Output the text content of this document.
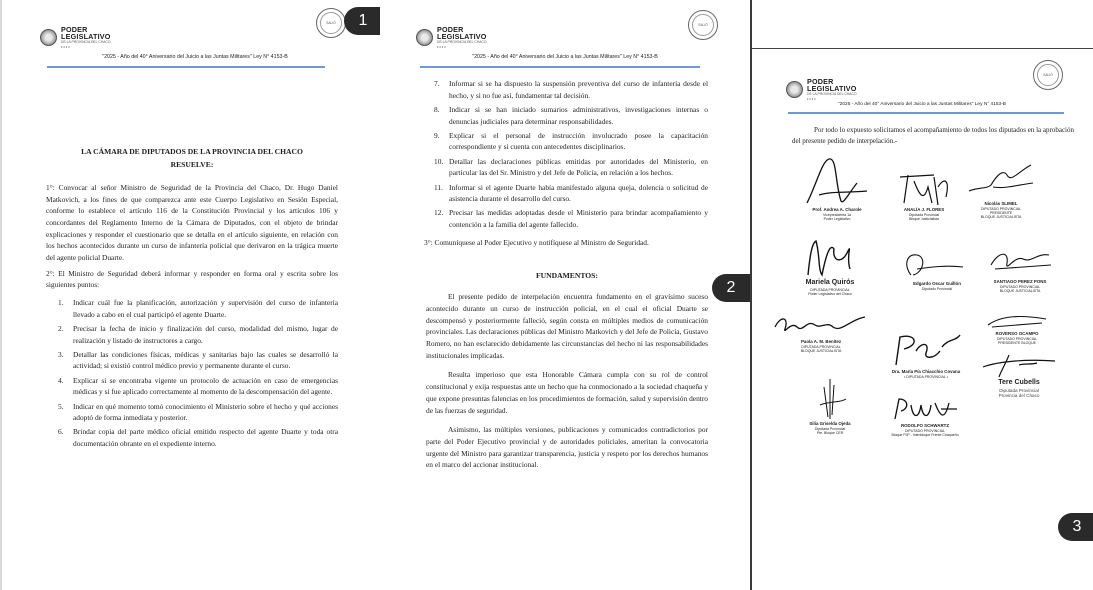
PODER
LEGISLATIVO
DE LA PROVINCIA DEL CHACO
••••
SALIÓ
"2025 - Año del 40° Aniversario del Juicio a las Juntas Militares" Ley N° 4153-B
LA CÁMARA DE DIPUTADOS DE LA PROVINCIA DEL CHACO
RESUELVE:

1°: Convocar al señor Ministro de Seguridad de la Provincia del Chaco, Dr. Hugo Daniel Matkovich, a los fines de que comparezca ante este Cuerpo Legislativo en Sesión Especial, conforme lo establece el artículo 116 de la Constitución Provincial y los artículos 106 y concordantes del Reglamento Interno de la Cámara de Diputados, con el objeto de brindar explicaciones y responder el cuestionario que se detalla en el artículo siguiente, en relación con los hechos acontecidos durante un curso de infantería policial que derivaron en la trágica muerte del agente policial Duarte.

2°: El Ministro de Seguridad deberá informar y responder en forma oral y escrita sobre los siguientes puntos:

1.	Indicar cuál fue la planificación, autorización y supervisión del curso de infantería llevado a cabo en el cual participó el agente Duarte.
2.	Precisar la fecha de inicio y finalización del curso, modalidad del mismo, lugar de realización y listado de instructores a cargo.
3.	Detallar las condiciones físicas, médicas y sanitarias bajo las cuales se desarrolló la actividad; si existió control médico previo y permanente durante el curso.
4.	Explicar si se encontraba vigente un protocolo de actuación en caso de emergencias médicas y si fue aplicado correctamente al momento de la descompensación del agente.
5.	Indicar en qué momento tomó conocimiento el Ministerio sobre el hecho y qué acciones adoptó de forma inmediata y posterior.
6.	Brindar copia del parte médico oficial emitido respecto del agente Duarte y toda otra documentación obrante en el expediente interno.
1
PODER
LEGISLATIVO
DE LA PROVINCIA DEL CHACO
••••
SALIÓ
"2025 - Año del 40° Aniversario del Juicio a las Juntas Militares" Ley N° 4153-B
7.	Informar si se ha dispuesto la suspensión preventiva del curso de infantería desde el hecho, y si no fue así, fundamentar tal decisión.
8.	Indicar si se han iniciado sumarios administrativos, investigaciones internas o denuncias judiciales para determinar responsabilidades.
9.	Explicar si el personal de instrucción involucrado posee la capacitación correspondiente y si cuenta con antecedentes disciplinarios.
10. Detallar las declaraciones públicas emitidas por autoridades del Ministerio, en particular las del Sr. Ministro y del Jefe de Policía, en relación a los hechos.
11. Informar si el agente Duarte había manifestado alguna queja, dolencia o solicitud de asistencia durante el desarrollo del curso.
12. Precisar las medidas adoptadas desde el Ministerio para brindar acompañamiento y contención a la familia del agente fallecido.

3°: Comuníquese al Poder Ejecutivo y notifíquese al Ministro de Seguridad.

FUNDAMENTOS:

El presente pedido de interpelación encuentra fundamento en el gravísimo suceso acontecido durante un curso de instrucción policial, en el cual el oficial Duarte se descompensó y posteriormente falleció, según consta en múltiples medios de comunicación provinciales. Las declaraciones públicas del Ministro Matkovich y del Jefe de Policía, Gustavo Romero, no han esclarecido debidamente las circunstancias del hecho ni las responsabilidades institucionales implicadas.

Resulta imperioso que esta Honorable Cámara cumpla con su rol de control constitucional y exija respuestas ante un hecho que ha conmocionado a la sociedad chaqueña y que expone presuntas falencias en los procedimientos de formación, salud y supervisión dentro de las fuerzas de seguridad.

Asimismo, las múltiples versiones, publicaciones y comunicados contradictorios por parte del Poder Ejecutivo provincial y de autoridades policiales, ameritan la convocatoria urgente del Ministro para garantizar transparencia, justicia y respeto por los derechos humanos en el marco del accionar institucional.

2
PODER
LEGISLATIVO
DE LA PROVINCIA DEL CHACO
••••
SALIÓ
"2025 - Año del 40° Aniversario del Juicio a las Juntas Militares" Ley N° 4153-B
Por todo lo expuesto solicitamos el acompañamiento de todos los diputados en la aprobación del presente pedido de interpelación.-
Prof. Andrea A. Charole
Vicepresidenta 1a
Poder Legislativo
ANALÍA J. FLORES
Diputada Provincial
Bloque Justicialista
Nicolás SLIMEL
DIPUTADO PROVINCIAL
PRESIDENTE
BLOQUE JUSTICIALISTA
Mariela Quirós
DIPUTADA PROVINCIAL
Poder Legislativo del Chaco
Edgardo Oscar Guillón
Diputado Provincial
SANTIAGO PEREZ PONS
DIPUTADO PROVINCIAL
BLOQUE JUSTICIALISTA
Paola A. M. Benítez
DIPUTADA PROVINCIAL
BLOQUE JUSTICIALISTA
Dra. María Pía Chiacchio Covana
• DIPUTADA PROVINCIAL •
ROVERSO OCAMPO
DIPUTADO PROVINCIAL
PRESIDENTE BLOQUE
Silia Griselda Ojeda
Diputada Provincial
Pte. Bloque CER
RODOLFO SCHWARTZ
DIPUTADO PROVINCIAL
Bloque PJP - Interbloque Frente Chaqueño
Tere Cubells
Diputada Provincial
Provincia del Chaco
3
